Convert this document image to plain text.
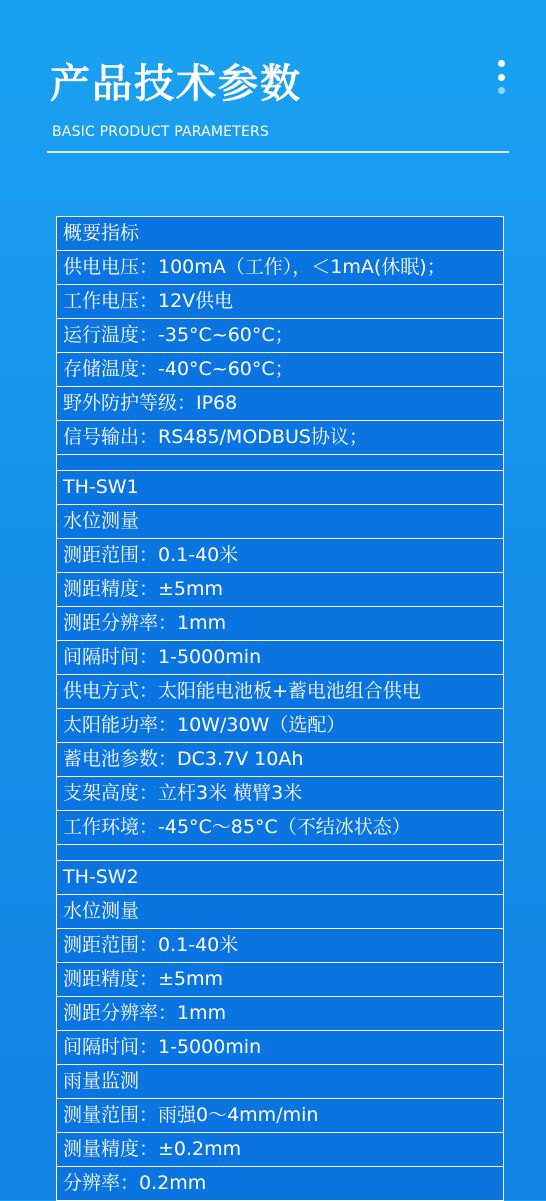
产品技术参数
BASIC PRODUCT PARAMETERS
概要指标
供电电压：100mA（工作），＜1mA(休眠)；
工作电压：12V供电
运行温度：-35°C~60°C；
存储温度：-40°C~60°C；
野外防护等级：IP68
信号输出：RS485/MODBUS协议；
TH-SW1
水位测量
测距范围：0.1-40米
测距精度：±5mm
测距分辨率：1mm
间隔时间：1-5000min
供电方式：太阳能电池板+蓄电池组合供电
太阳能功率：10W/30W（选配）
蓄电池参数：DC3.7V 10Ah
支架高度：立杆3米 横臂3米
工作环境：-45°C～85°C（不结冰状态）
TH-SW2
水位测量
测距范围：0.1-40米
测距精度：±5mm
测距分辨率：1mm
间隔时间：1-5000min
雨量监测
测量范围：雨强0～4mm/min
测量精度：±0.2mm
分辨率：0.2mm
